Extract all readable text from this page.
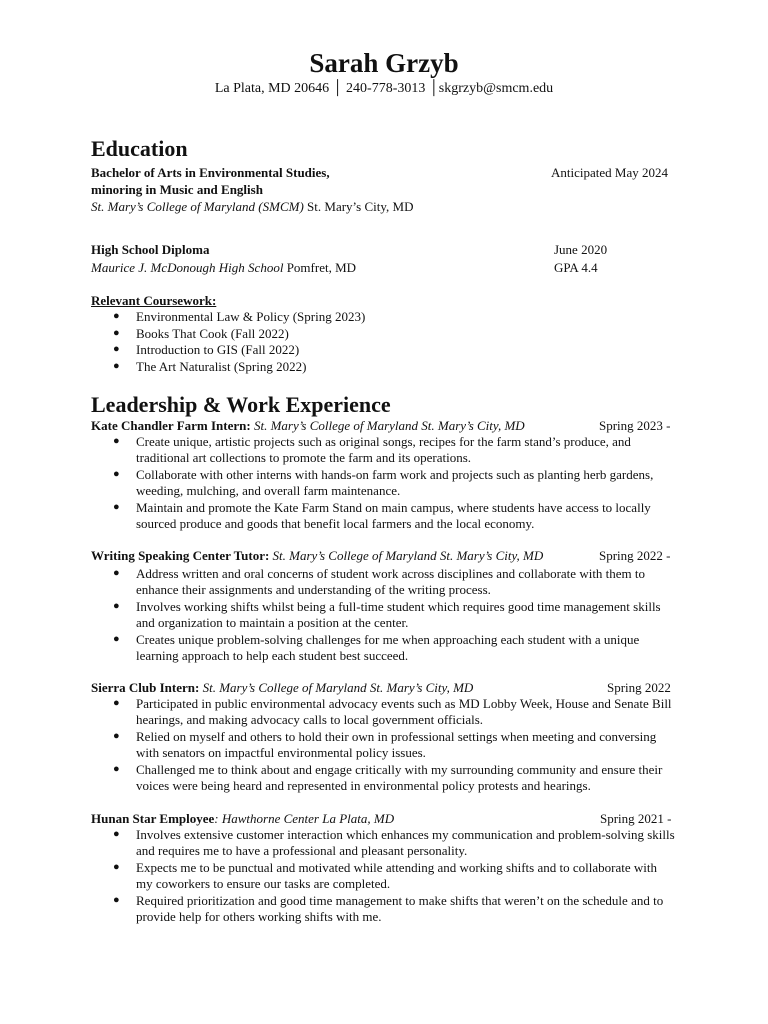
Sarah Grzyb
La Plata, MD 20646 │ 240-778-3013 │skgrzyb@smcm.edu
Education
Bachelor of Arts in Environmental Studies,	Anticipated May 2024
minoring in Music and English
St. Mary’s College of Maryland (SMCM) St. Mary’s City, MD
High School Diploma	June 2020
Maurice J. McDonough High School Pomfret, MD	GPA 4.4
Relevant Coursework:
● Environmental Law & Policy (Spring 2023)
● Books That Cook (Fall 2022)
● Introduction to GIS (Fall 2022)
● The Art Naturalist (Spring 2022)
Leadership & Work Experience
Kate Chandler Farm Intern: St. Mary’s College of Maryland St. Mary’s City, MD	Spring 2023 -
● Create unique, artistic projects such as original songs, recipes for the farm stand’s produce, and traditional art collections to promote the farm and its operations.
● Collaborate with other interns with hands-on farm work and projects such as planting herb gardens, weeding, mulching, and overall farm maintenance.
● Maintain and promote the Kate Farm Stand on main campus, where students have access to locally sourced produce and goods that benefit local farmers and the local economy.
Writing Speaking Center Tutor: St. Mary’s College of Maryland St. Mary’s City, MD	Spring 2022 -
● Address written and oral concerns of student work across disciplines and collaborate with them to enhance their assignments and understanding of the writing process.
● Involves working shifts whilst being a full-time student which requires good time management skills and organization to maintain a position at the center.
● Creates unique problem-solving challenges for me when approaching each student with a unique learning approach to help each student best succeed.
Sierra Club Intern: St. Mary’s College of Maryland St. Mary’s City, MD	Spring 2022
● Participated in public environmental advocacy events such as MD Lobby Week, House and Senate Bill hearings, and making advocacy calls to local government officials.
● Relied on myself and others to hold their own in professional settings when meeting and conversing with senators on impactful environmental policy issues.
● Challenged me to think about and engage critically with my surrounding community and ensure their voices were being heard and represented in environmental policy protests and hearings.
Hunan Star Employee: Hawthorne Center La Plata, MD	Spring 2021 -
● Involves extensive customer interaction which enhances my communication and problem-solving skills and requires me to have a professional and pleasant personality.
● Expects me to be punctual and motivated while attending and working shifts and to collaborate with my coworkers to ensure our tasks are completed.
● Required prioritization and good time management to make shifts that weren’t on the schedule and to provide help for others working shifts with me.
